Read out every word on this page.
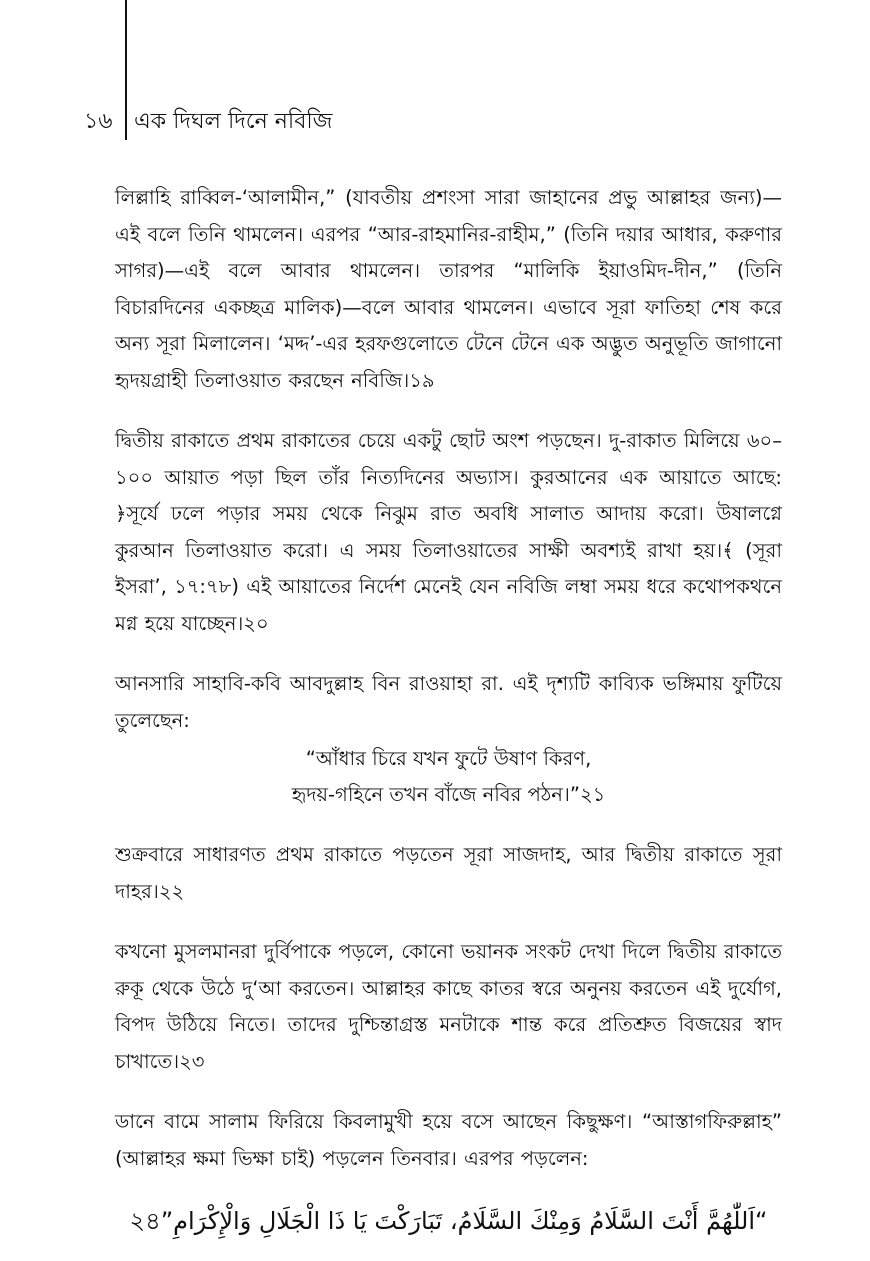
১৬ এক দিঘল দিনে নবিজি

লিল্লাহি রাব্বিল-‘আলামীন,” (যাবতীয় প্রশংসা সারা জাহানের প্রভু আল্লাহর জন্য)—এই বলে তিনি থামলেন। এরপর “আর-রাহমানির-রাহীম,” (তিনি দয়ার আধার, করুণার সাগর)—এই বলে আবার থামলেন। তারপর “মালিকি ইয়াওমিদ-দীন,” (তিনি বিচারদিনের একচ্ছত্র মালিক)—বলে আবার থামলেন। এভাবে সূরা ফাতিহা শেষ করে অন্য সূরা মিলালেন। ‘মদ্দ’-এর হরফগুলোতে টেনে টেনে এক অদ্ভুত অনুভূতি জাগানো হৃদয়গ্রাহী তিলাওয়াত করছেন নবিজি।১৯

দ্বিতীয় রাকাতে প্রথম রাকাতের চেয়ে একটু ছোট অংশ পড়ছেন। দু-রাকাত মিলিয়ে ৬০–১০০ আয়াত পড়া ছিল তাঁর নিত্যদিনের অভ্যাস। কুরআনের এক আয়াতে আছে: ﴿সূর্যে ঢলে পড়ার সময় থেকে নিঝুম রাত অবধি সালাত আদায় করো। উষালগ্নে কুরআন তিলাওয়াত করো। এ সময় তিলাওয়াতের সাক্ষী অবশ্যই রাখা হয়।﴾ (সূরা ইসরা’, ১৭:৭৮) এই আয়াতের নির্দেশ মেনেই যেন নবিজি লম্বা সময় ধরে কথোপকথনে মগ্ন হয়ে যাচ্ছেন।২০

আনসারি সাহাবি-কবি আবদুল্লাহ বিন রাওয়াহা রা. এই দৃশ্যটি কাব্যিক ভঙ্গিমায় ফুটিয়ে তুলেছেন:

“আঁধার চিরে যখন ফুটে উষাণ কিরণ,
হৃদয়-গহিনে তখন বাঁজে নবির পঠন।”২১

শুক্রবারে সাধারণত প্রথম রাকাতে পড়তেন সূরা সাজদাহ, আর দ্বিতীয় রাকাতে সূরা দাহর।২২

কখনো মুসলমানরা দুর্বিপাকে পড়লে, কোনো ভয়ানক সংকট দেখা দিলে দ্বিতীয় রাকাতে রুকূ থেকে উঠে দু‘আ করতেন। আল্লাহর কাছে কাতর স্বরে অনুনয় করতেন এই দুর্যোগ, বিপদ উঠিয়ে নিতে। তাদের দুশ্চিন্তাগ্রস্ত মনটাকে শান্ত করে প্রতিশ্রুত বিজয়ের স্বাদ চাখাতে।২৩

ডানে বামে সালাম ফিরিয়ে কিবলামুখী হয়ে বসে আছেন কিছুক্ষণ। “আস্তাগফিরুল্লাহ” (আল্লাহর ক্ষমা ভিক্ষা চাই) পড়লেন তিনবার। এরপর পড়লেন:

“اَللّٰهُمَّ أَنْتَ السَّلَامُ وَمِنْكَ السَّلَامُ، تَبَارَكْتَ يَا ذَا الْجَلَالِ وَالْإِكْرَامِ”২৪
